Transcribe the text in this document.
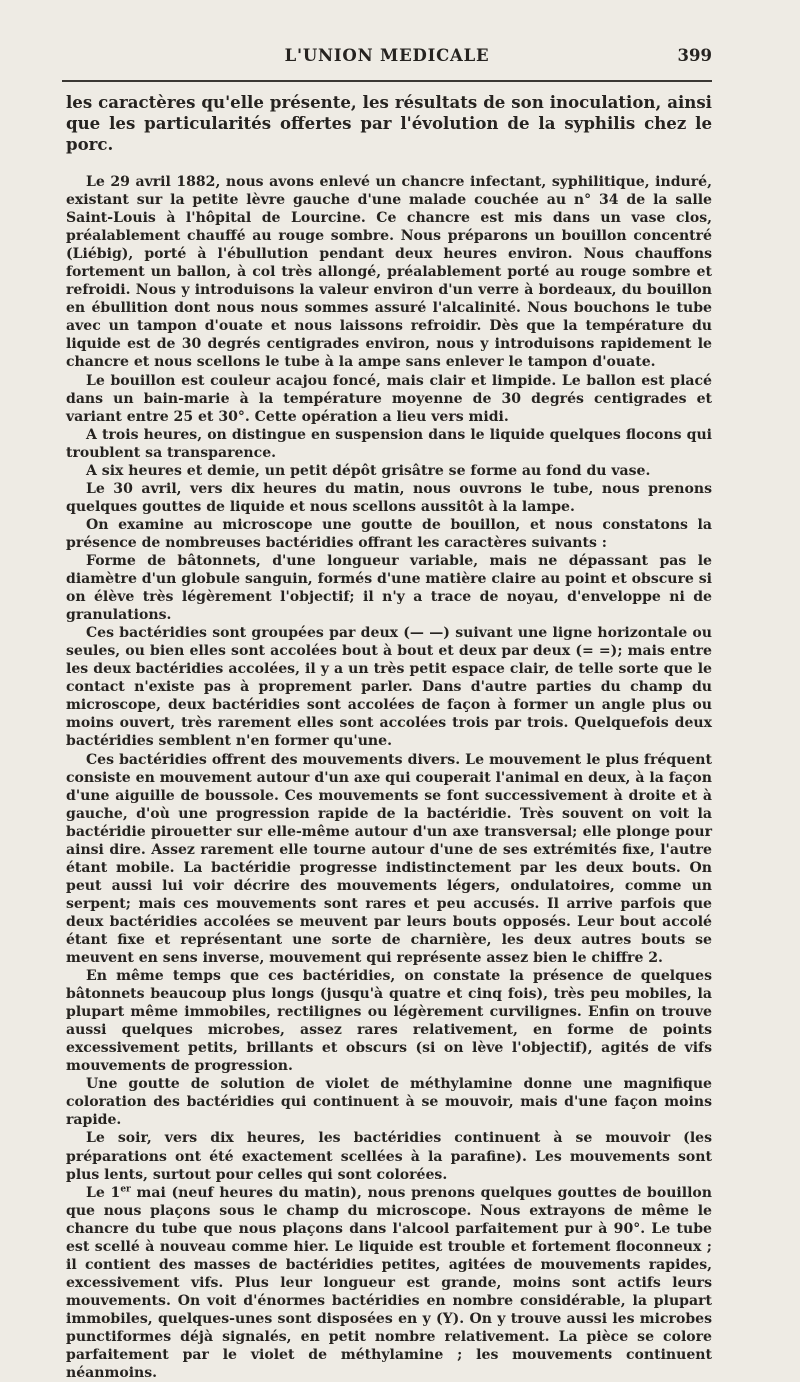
L'UNION MEDICALE	399

les caractères qu'elle présente, les résultats de son inoculation, ainsi que les particularités offertes par l'évolution de la syphilis chez le porc.

Le 29 avril 1882, nous avons enlevé un chancre infectant, syphilitique, induré, existant sur la petite lèvre gauche d'une malade couchée au n° 34 de la salle Saint-Louis à l'hôpital de Lourcine. Ce chancre est mis dans un vase clos, préalablement chauffé au rouge sombre. Nous préparons un bouillon concentré (Liébig), porté à l'ébullution pendant deux heures environ. Nous chauffons fortement un ballon, à col très allongé, préalablement porté au rouge sombre et refroidi. Nous y introduisons la valeur environ d'un verre à bordeaux, du bouillon en ébullition dont nous nous sommes assuré l'alcalinité. Nous bouchons le tube avec un tampon d'ouate et nous laissons refroidir. Dès que la température du liquide est de 30 degrés centigrades environ, nous y introduisons rapidement le chancre et nous scellons le tube à la ampe sans enlever le tampon d'ouate.

Le bouillon est couleur acajou foncé, mais clair et limpide. Le ballon est placé dans un bain-marie à la température moyenne de 30 degrés centigrades et variant entre 25 et 30°. Cette opération a lieu vers midi.

A trois heures, on distingue en suspension dans le liquide quelques flocons qui troublent sa transparence.

A six heures et demie, un petit dépôt grisâtre se forme au fond du vase.

Le 30 avril, vers dix heures du matin, nous ouvrons le tube, nous prenons quelques gouttes de liquide et nous scellons aussitôt à la lampe.

On examine au microscope une goutte de bouillon, et nous constatons la présence de nombreuses bactéridies offrant les caractères suivants :

Forme de bâtonnets, d'une longueur variable, mais ne dépassant pas le diamètre d'un globule sanguin, formés d'une matière claire au point et obscure si on élève très légèrement l'objectif; il n'y a trace de noyau, d'enveloppe ni de granulations.

Ces bactéridies sont groupées par deux (— —) suivant une ligne horizontale ou seules, ou bien elles sont accolées bout à bout et deux par deux (= =); mais entre les deux bactéridies accolées, il y a un très petit espace clair, de telle sorte que le contact n'existe pas à proprement parler. Dans d'autre parties du champ du microscope, deux bactéridies sont accolées de façon à former un angle plus ou moins ouvert, très rarement elles sont accolées trois par trois. Quelquefois deux bactéridies semblent n'en former qu'une.

Ces bactéridies offrent des mouvements divers. Le mouvement le plus fréquent consiste en mouvement autour d'un axe qui couperait l'animal en deux, à la façon d'une aiguille de boussole. Ces mouvements se font successivement à droite et à gauche, d'où une progression rapide de la bactéridie. Très souvent on voit la bactéridie pirouetter sur elle-même autour d'un axe transversal; elle plonge pour ainsi dire. Assez rarement elle tourne autour d'une de ses extrémités fixe, l'autre étant mobile. La bactéridie progresse indistinctement par les deux bouts. On peut aussi lui voir décrire des mouvements légers, ondulatoires, comme un serpent; mais ces mouvements sont rares et peu accusés. Il arrive parfois que deux bactéridies accolées se meuvent par leurs bouts opposés. Leur bout accolé étant fixe et représentant une sorte de charnière, les deux autres bouts se meuvent en sens inverse, mouvement qui représente assez bien le chiffre 2.

En même temps que ces bactéridies, on constate la présence de quelques bâtonnets beaucoup plus longs (jusqu'à quatre et cinq fois), très peu mobiles, la plupart même immobiles, rectilignes ou légèrement curvilignes. Enfin on trouve aussi quelques microbes, assez rares relativement, en forme de points excessivement petits, brillants et obscurs (si on lève l'objectif), agités de vifs mouvements de progression.

Une goutte de solution de violet de méthylamine donne une magnifique coloration des bactéridies qui continuent à se mouvoir, mais d'une façon moins rapide.

Le soir, vers dix heures, les bactéridies continuent à se mouvoir (les préparations ont été exactement scellées à la parafine). Les mouvements sont plus lents, surtout pour celles qui sont colorées.

Le 1er mai (neuf heures du matin), nous prenons quelques gouttes de bouillon que nous plaçons sous le champ du microscope. Nous extrayons de même le chancre du tube que nous plaçons dans l'alcool parfaitement pur à 90°. Le tube est scellé à nouveau comme hier. Le liquide est trouble et fortement floconneux ; il contient des masses de bactéridies petites, agitées de mouvements rapides, excessivement vifs. Plus leur longueur est grande, moins sont actifs leurs mouvements. On voit d'énormes bactéridies en nombre considérable, la plupart immobiles, quelques-unes sont disposées en y (Y). On y trouve aussi les microbes punctiformes déjà signalés, en petit nombre relativement. La pièce se colore parfaitement par le violet de méthylamine ; les mouvements continuent néanmoins.
